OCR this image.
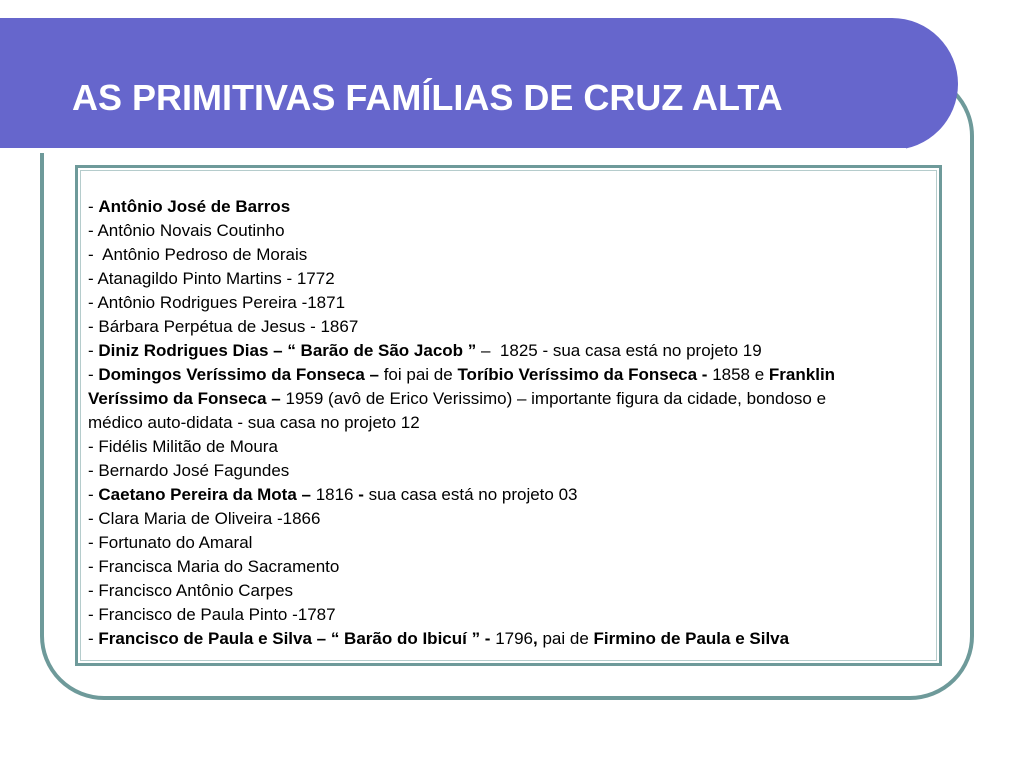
AS PRIMITIVAS FAMÍLIAS DE CRUZ ALTA

- Antônio José de Barros

- Antônio Novais Coutinho

-  Antônio Pedroso de Morais

- Atanagildo Pinto Martins - 1772

- Antônio Rodrigues Pereira -1871

- Bárbara Perpétua de Jesus - 1867

- Diniz Rodrigues Dias – “ Barão de São Jacob ” –  1825 - sua casa está no projeto 19

- Domingos Veríssimo da Fonseca – foi pai de Toríbio Veríssimo da Fonseca - 1858 e Franklin Veríssimo da Fonseca – 1959 (avô de Erico Verissimo) – importante figura da cidade, bondoso e médico auto-didata - sua casa no projeto 12

- Fidélis Militão de Moura

- Bernardo José Fagundes

- Caetano Pereira da Mota – 1816 - sua casa está no projeto 03

- Clara Maria de Oliveira -1866

- Fortunato do Amaral

- Francisca Maria do Sacramento

- Francisco Antônio Carpes

- Francisco de Paula Pinto -1787

- Francisco de Paula e Silva – “ Barão do Ibicuí ” - 1796, pai de Firmino de Paula e Silva
